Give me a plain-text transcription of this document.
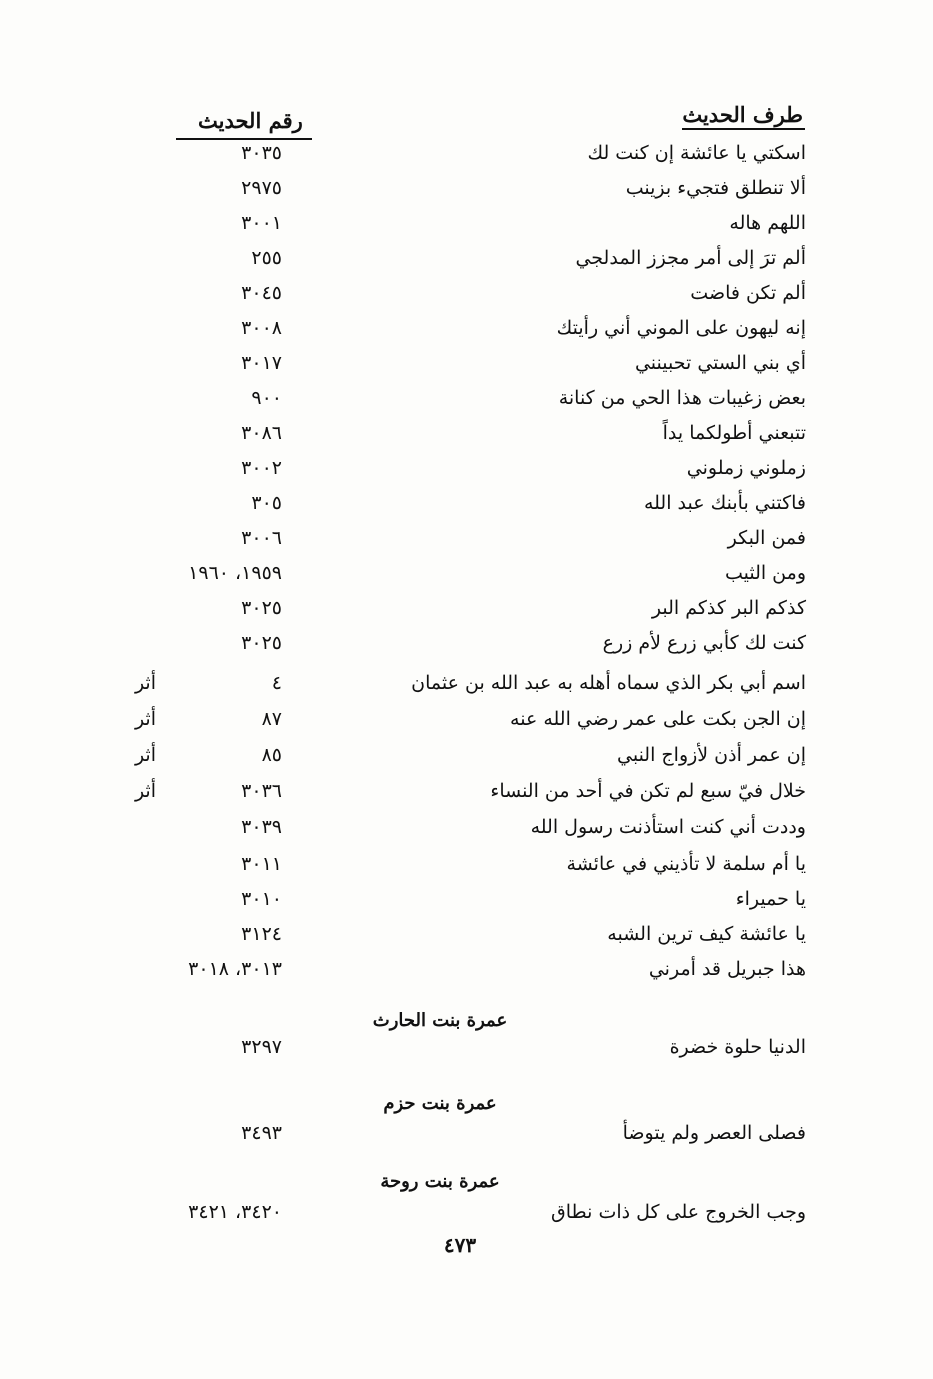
طرف الحديث
رقم الحديث
اسكتي يا عائشة إن كنت لك
٣٠٣٥
ألا تنطلق فتجيء بزينب
٢٩٧٥
اللهم هاله
٣٠٠١
ألم ترَ إلى أمر مجزز المدلجي
٢٥٥
ألم تكن فاضت
٣٠٤٥
إنه ليهون على الموني أني رأيتك
٣٠٠٨
أي بني الستي تحبينني
٣٠١٧
بعض زغيبات هذا الحي من كنانة
٩٠٠
تتبعني أطولكما يداً
٣٠٨٦
زملوني زملوني
٣٠٠٢
فاكتني بأبنك عبد الله
٣٠٥
فمن البكر
٣٠٠٦
ومن الثيب
١٩٥٩، ١٩٦٠
كذكم البر كذكم البر
٣٠٢٥
كنت لك كأبي زرع لأم زرع
٣٠٢٥
اسم أبي بكر الذي سماه أهله به عبد الله بن عثمان
٤
أثر
إن الجن بكت على عمر رضي الله عنه
٨٧
أثر
إن عمر أذن لأزواج النبي
٨٥
أثر
خلال فيّ سبع لم تكن في أحد من النساء
٣٠٣٦
أثر
وددت أني كنت استأذنت رسول الله
٣٠٣٩
يا أم سلمة لا تأذيني في عائشة
٣٠١١
يا حميراء
٣٠١٠
يا عائشة كيف ترين الشبه
٣١٢٤
هذا جبريل قد أمرني
٣٠١٣، ٣٠١٨
عمرة بنت الحارث
الدنيا حلوة خضرة
٣٢٩٧
عمرة بنت حزم
فصلى العصر ولم يتوضأ
٣٤٩٣
عمرة بنت روحة
وجب الخروج على كل ذات نطاق
٣٤٢٠، ٣٤٢١
٤٧٣
